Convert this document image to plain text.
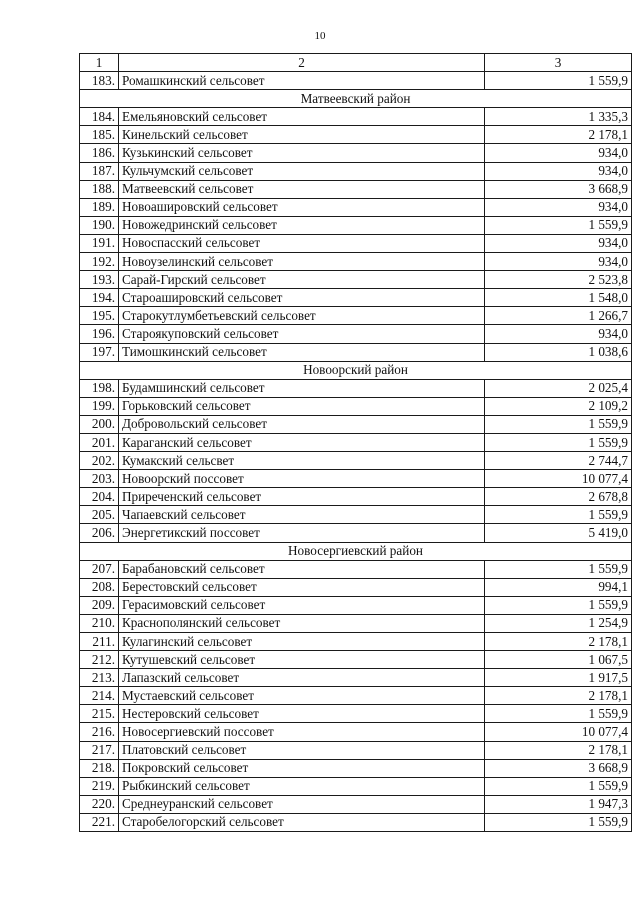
10
1	2	3
183.	Ромашкинский сельсовет	1 559,9
Матвеевский район		
184.	Емельяновский сельсовет	1 335,3
185.	Кинельский сельсовет	2 178,1
186.	Кузькинский сельсовет	934,0
187.	Кульчумский сельсовет	934,0
188.	Матвеевский сельсовет	3 668,9
189.	Новоашировский сельсовет	934,0
190.	Новожедринский сельсовет	1 559,9
191.	Новоспасский сельсовет	934,0
192.	Новоузелинский сельсовет	934,0
193.	Сарай-Гирский сельсовет	2 523,8
194.	Староашировский сельсовет	1 548,0
195.	Старокутлумбетьевский сельсовет	1 266,7
196.	Староякуповский сельсовет	934,0
197.	Тимошкинский сельсовет	1 038,6
Новоорский район		
198.	Будамшинский сельсовет	2 025,4
199.	Горьковский сельсовет	2 109,2
200.	Добровольский сельсовет	1 559,9
201.	Караганский сельсовет	1 559,9
202.	Кумакский сельсвет	2 744,7
203.	Новоорский поссовет	10 077,4
204.	Приреченский сельсовет	2 678,8
205.	Чапаевский сельсовет	1 559,9
206.	Энергетикский поссовет	5 419,0
Новосергиевский район		
207.	Барабановский сельсовет	1 559,9
208.	Берестовский сельсовет	994,1
209.	Герасимовский сельсовет	1 559,9
210.	Краснополянский сельсовет	1 254,9
211.	Кулагинский сельсовет	2 178,1
212.	Кутушевский сельсовет	1 067,5
213.	Лапазский сельсовет	1 917,5
214.	Мустаевский сельсовет	2 178,1
215.	Нестеровский сельсовет	1 559,9
216.	Новосергиевский поссовет	10 077,4
217.	Платовский сельсовет	2 178,1
218.	Покровский сельсовет	3 668,9
219.	Рыбкинский сельсовет	1 559,9
220.	Среднеуранский сельсовет	1 947,3
221.	Старобелогорский сельсовет	1 559,9
